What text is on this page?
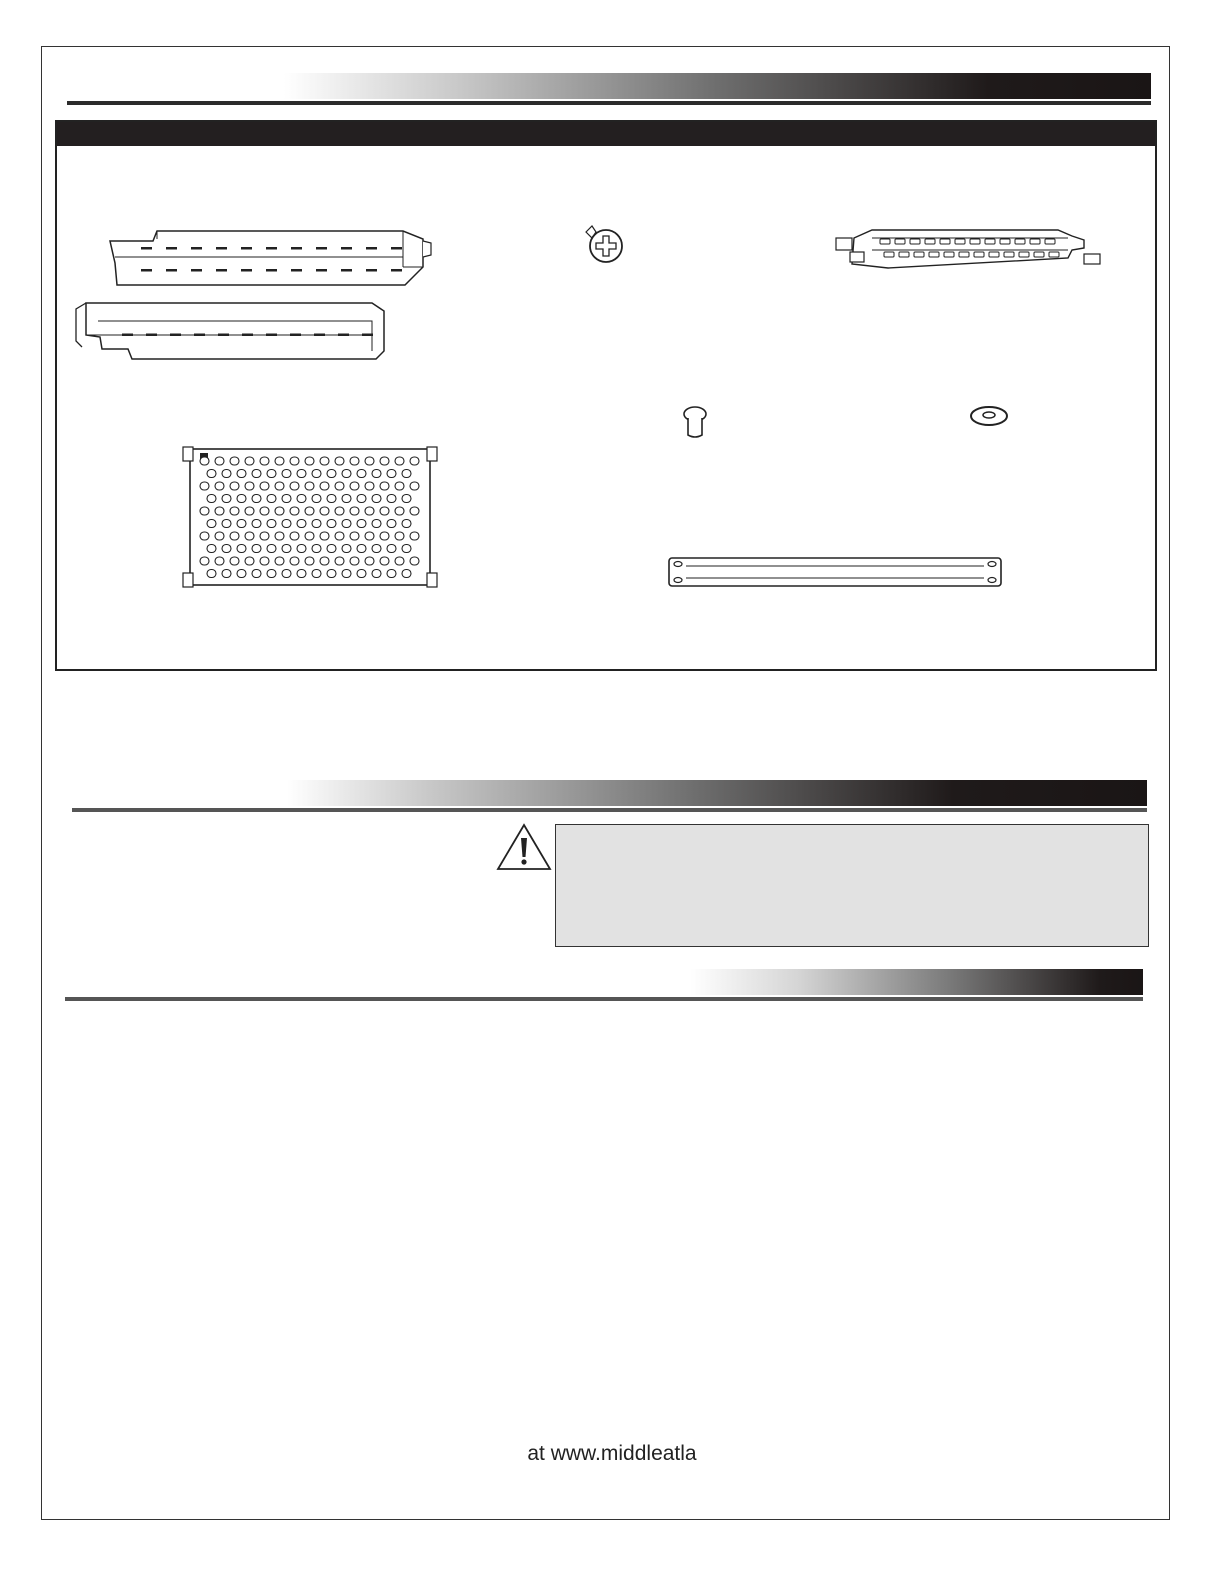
at www.middleatla
